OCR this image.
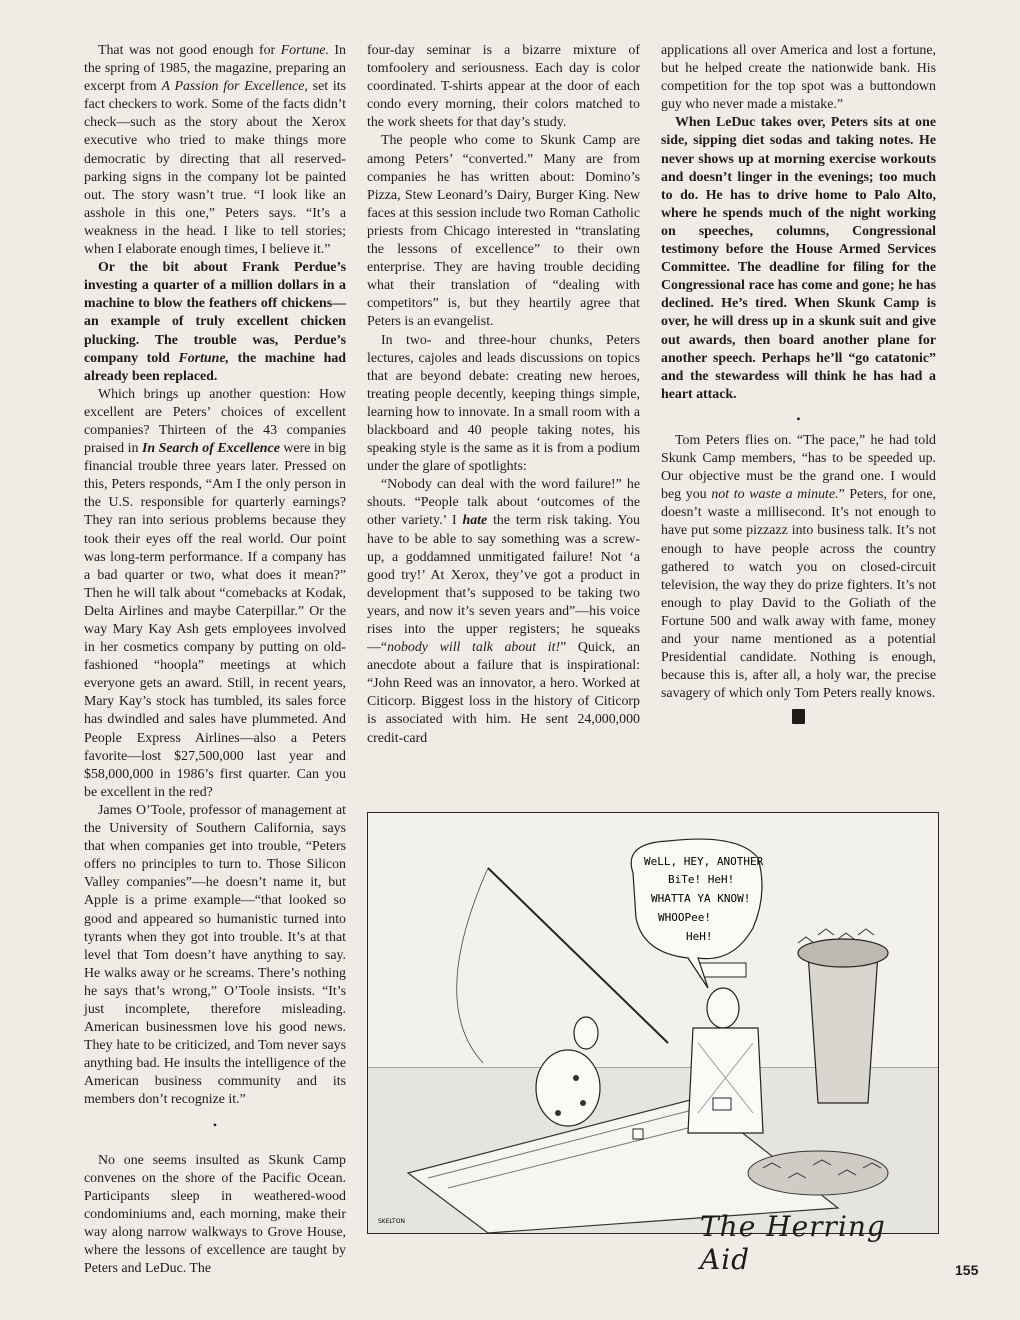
That was not good enough for Fortune. In the spring of 1985, the magazine, preparing an excerpt from A Passion for Excellence, set its fact checkers to work. Some of the facts didn’t check—such as the story about the Xerox executive who tried to make things more democratic by directing that all reserved-parking signs in the company lot be painted out. The story wasn’t true. “I look like an asshole in this one,” Peters says. “It’s a weakness in the head. I like to tell stories; when I elaborate enough times, I believe it.”

Or the bit about Frank Perdue’s investing a quarter of a million dollars in a machine to blow the feathers off chickens—an example of truly excellent chicken plucking. The trouble was, Perdue’s company told Fortune, the machine had already been replaced.

Which brings up another question: How excellent are Peters’ choices of excellent companies? Thirteen of the 43 companies praised in In Search of Excellence were in big financial trouble three years later. Pressed on this, Peters responds, “Am I the only person in the U.S. responsible for quarterly earnings? They ran into serious problems because they took their eyes off the real world. Our point was long-term performance. If a company has a bad quarter or two, what does it mean?” Then he will talk about “comebacks at Kodak, Delta Airlines and maybe Caterpillar.” Or the way Mary Kay Ash gets employees involved in her cosmetics company by putting on old-fashioned “hoopla” meetings at which everyone gets an award. Still, in recent years, Mary Kay’s stock has tumbled, its sales force has dwindled and sales have plummeted. And People Express Airlines—also a Peters favorite—lost $27,500,000 last year and $58,000,000 in 1986’s first quarter. Can you be excellent in the red?

James O’Toole, professor of management at the University of Southern California, says that when companies get into trouble, “Peters offers no principles to turn to. Those Silicon Valley companies”—he doesn’t name it, but Apple is a prime example—“that looked so good and appeared so humanistic turned into tyrants when they got into trouble. It’s at that level that Tom doesn’t have anything to say. He walks away or he screams. There’s nothing he says that’s wrong,” O’Toole insists. “It’s just incomplete, therefore misleading. American businessmen love his good news. They hate to be criticized, and Tom never says anything bad. He insults the intelligence of the American business community and its members don’t recognize it.”

•

No one seems insulted as Skunk Camp convenes on the shore of the Pacific Ocean. Participants sleep in weathered-wood condominiums and, each morning, make their way along narrow walkways to Grove House, where the lessons of excellence are taught by Peters and LeDuc. The

four-day seminar is a bizarre mixture of tomfoolery and seriousness. Each day is color coordinated. T-shirts appear at the door of each condo every morning, their colors matched to the work sheets for that day’s study.

The people who come to Skunk Camp are among Peters’ “converted.” Many are from companies he has written about: Domino’s Pizza, Stew Leonard’s Dairy, Burger King. New faces at this session include two Roman Catholic priests from Chicago interested in “translating the lessons of excellence” to their own enterprise. They are having trouble deciding what their translation of “dealing with competitors” is, but they heartily agree that Peters is an evangelist.

In two- and three-hour chunks, Peters lectures, cajoles and leads discussions on topics that are beyond debate: creating new heroes, treating people decently, keeping things simple, learning how to innovate. In a small room with a blackboard and 40 people taking notes, his speaking style is the same as it is from a podium under the glare of spotlights:

“Nobody can deal with the word failure!” he shouts. “People talk about ‘outcomes of the other variety.’ I hate the term risk taking. You have to be able to say something was a screw-up, a goddamned unmitigated failure! Not ‘a good try!’ At Xerox, they’ve got a product in development that’s supposed to be taking two years, and now it’s seven years and”—his voice rises into the upper registers; he squeaks—“nobody will talk about it!” Quick, an anecdote about a failure that is inspirational: “John Reed was an innovator, a hero. Worked at Citicorp. Biggest loss in the history of Citicorp is associated with him. He sent 24,000,000 credit-card

applications all over America and lost a fortune, but he helped create the nationwide bank. His competition for the top spot was a buttondown guy who never made a mistake.”

When LeDuc takes over, Peters sits at one side, sipping diet sodas and taking notes. He never shows up at morning exercise workouts and doesn’t linger in the evenings; too much to do. He has to drive home to Palo Alto, where he spends much of the night working on speeches, columns, Congressional testimony before the House Armed Services Committee. The deadline for filing for the Congressional race has come and gone; he has declined. He’s tired. When Skunk Camp is over, he will dress up in a skunk suit and give out awards, then board another plane for another speech. Perhaps he’ll “go catatonic” and the stewardess will think he has had a heart attack.

•

Tom Peters flies on. “The pace,” he had told Skunk Camp members, “has to be speeded up. Our objective must be the grand one. I would beg you not to waste a minute.” Peters, for one, doesn’t waste a millisecond. It’s not enough to have put some pizzazz into business talk. It’s not enough to have people across the country gathered to watch you on closed-circuit television, the way they do prize fighters. It’s not enough to play David to the Goliath of the Fortune 500 and walk away with fame, money and your name mentioned as a potential Presidential candidate. Nothing is enough, because this is, after all, a holy war, the precise savagery of which only Tom Peters really knows.

WeLL, HEY, ANOTHER
BiTe! HeH!
WHATTA YA KNOW!
WHOOPee!
HeH!
SKELTON	The Herring Aid	155
